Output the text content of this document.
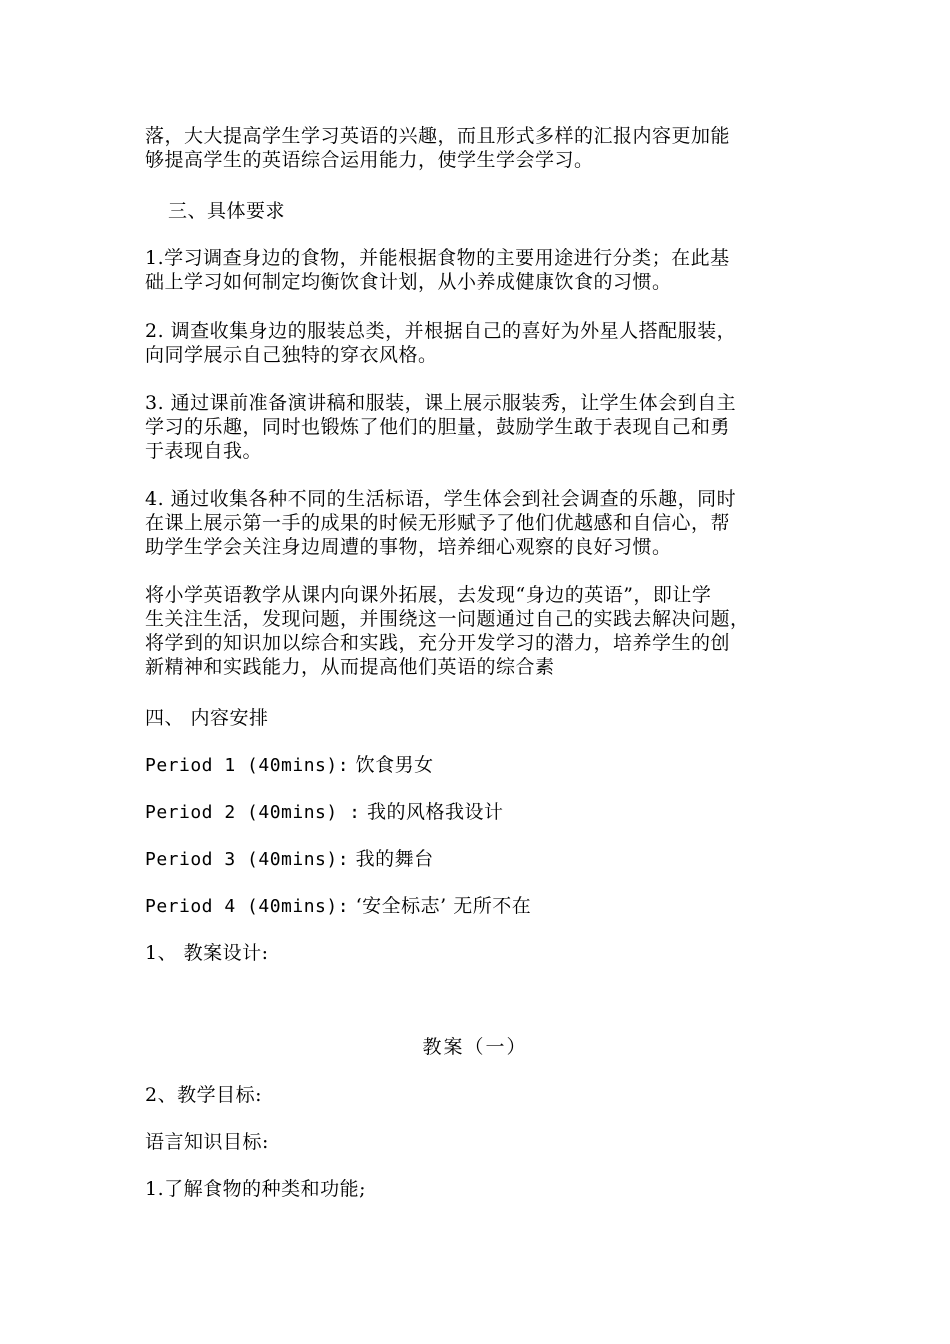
落，大大提高学生学习英语的兴趣，而且形式多样的汇报内容更加能
够提高学生的英语综合运用能力，使学生学会学习。
三、具体要求
1.学习调查身边的食物，并能根据食物的主要用途进行分类；在此基
础上学习如何制定均衡饮食计划，从小养成健康饮食的习惯。
2. 调查收集身边的服装总类，并根据自己的喜好为外星人搭配服装，
向同学展示自己独特的穿衣风格。
3. 通过课前准备演讲稿和服装，课上展示服装秀，让学生体会到自主
学习的乐趣，同时也锻炼了他们的胆量，鼓励学生敢于表现自己和勇
于表现自我。
4. 通过收集各种不同的生活标语，学生体会到社会调查的乐趣，同时
在课上展示第一手的成果的时候无形赋予了他们优越感和自信心，帮
助学生学会关注身边周遭的事物，培养细心观察的良好习惯。
将小学英语教学从课内向课外拓展，去发现“身边的英语”，即让学
生关注生活，发现问题，并围绕这一问题通过自己的实践去解决问题，
将学到的知识加以综合和实践，充分开发学习的潜力，培养学生的创
新精神和实践能力，从而提高他们英语的综合素
四、 内容安排
Period 1 (40mins): 饮食男女
Period 2 (40mins) : 我的风格我设计
Period 3 (40mins): 我的舞台
Period 4 (40mins): ‘安全标志’ 无所不在
1、 教案设计:
教案（一）
2、教学目标:
语言知识目标:
1.了解食物的种类和功能;
